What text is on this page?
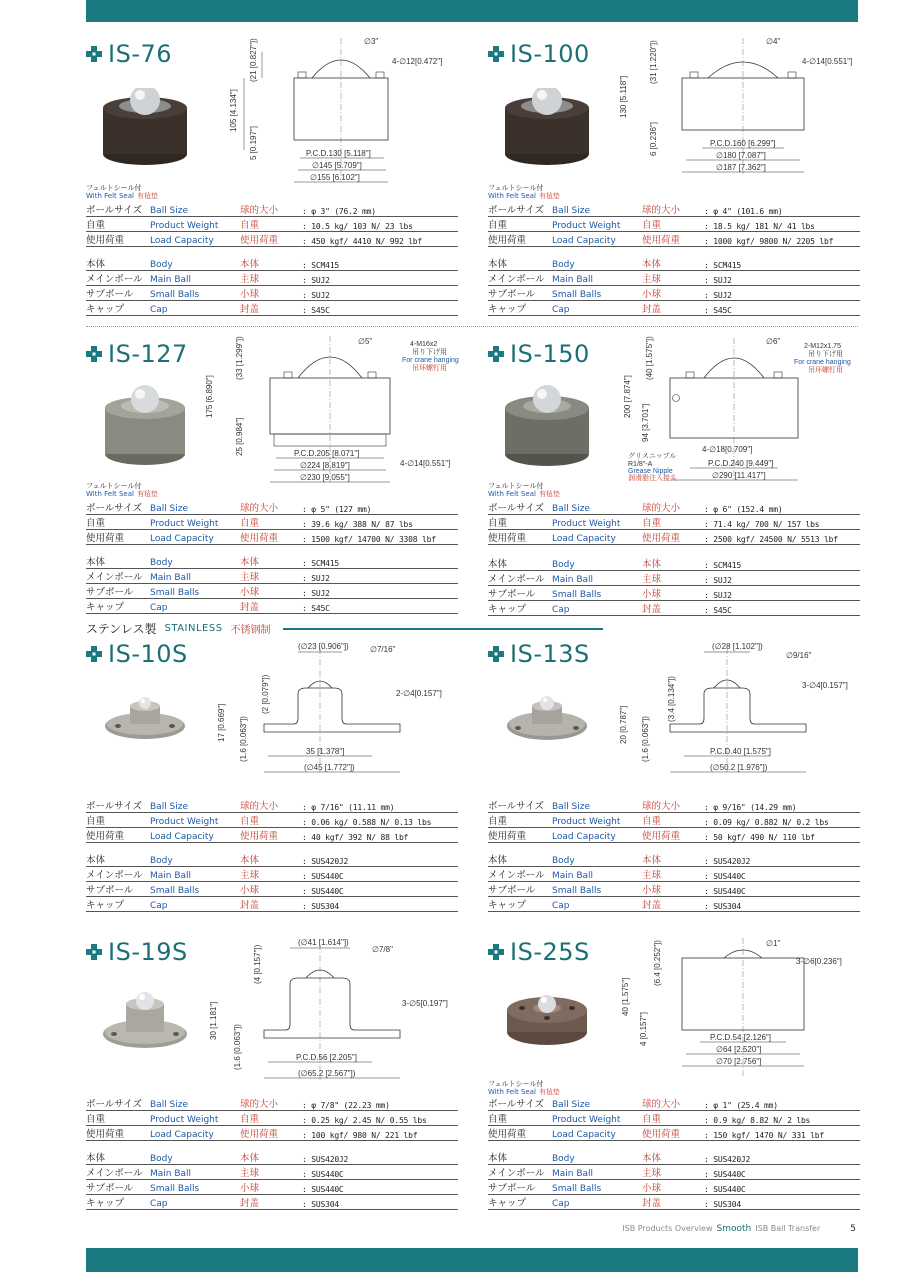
IS-76	∅3"
4-∅12[0.472"]
105 [4.134"]
(21 [0.827"])
5 [0.197"]	P.C.D.130 [5.118"]
∅145 [5.709"]
∅155 [6.102"]
フェルトシール付
With Felt Seal 有毡垫
ボールサイズ	Ball Size	球的大小	: φ 3" (76.2 mm)
自重	Product Weight	自重	: 10.5 kg/ 103 N/ 23 lbs
使用荷重	Load Capacity	使用荷重	: 450 kgf/ 4410 N/ 992 lbf
本体	Body	本体	: SCM415
メインボール	Main Ball	主球	: SUJ2
サブボール	Small Balls	小球	: SUJ2
キャップ	Cap	封盖	: S45C
IS-100	∅4"
4-∅14[0.551"]
130 [5.118"]
(31 [1.220"])
6 [0.236"]	P.C.D.160 [6.299"]
∅180 [7.087"]
∅187 [7.362"]
フェルトシール付
With Felt Seal 有毡垫
ボールサイズ	Ball Size	球的大小	: φ 4" (101.6 mm)
自重	Product Weight	自重	: 18.5 kg/ 181 N/ 41 lbs
使用荷重	Load Capacity	使用荷重	: 1000 kgf/ 9800 N/ 2205 lbf
本体	Body	本体	: SCM415
メインボール	Main Ball	主球	: SUJ2
サブボール	Small Balls	小球	: SUJ2
キャップ	Cap	封盖	: S45C
IS-127	∅5"	4-M16x2
吊り下げ用
For crane hanging
吊环螺钉用
4-∅14[0.551"]
175 [6.890"]
(33 [1.299"])
25 [0.984"]	P.C.D.205 [8.071"]
∅224 [8.819"]
∅230 [9.055"]
フェルトシール付
With Felt Seal 有毡垫
ボールサイズ	Ball Size	球的大小	: φ 5" (127 mm)
自重	Product Weight	自重	: 39.6 kg/ 388 N/ 87 lbs
使用荷重	Load Capacity	使用荷重	: 1500 kgf/ 14700 N/ 3308 lbf
本体	Body	本体	: SCM415
メインボール	Main Ball	主球	: SUJ2
サブボール	Small Balls	小球	: SUJ2
キャップ	Cap	封盖	: S45C
IS-150	∅6"
2-M12x1.75
吊り下げ用
For crane hanging
吊环螺钉用
4-∅18[0.709"]
200 [7.874"]
(40 [1.575"])
94 [3.701"]
P.C.D.240 [9.449"]
∅290 [11.417"]
グリスニップル
R1/8"-A
Grease Nipple
润滑脂注入接头
フェルトシール付
With Felt Seal 有毡垫
ボールサイズ	Ball Size	球的大小	: φ 6" (152.4 mm)
自重	Product Weight	自重	: 71.4 kg/ 700 N/ 157 lbs
使用荷重	Load Capacity	使用荷重	: 2500 kgf/ 24500 N/ 5513 lbf
本体	Body	本体	: SCM415
メインボール	Main Ball	主球	: SUJ2
サブボール	Small Balls	小球	: SUJ2
キャップ	Cap	封盖	: S45C
ステンレス製 STAINLESS 不锈钢制
IS-10S	(∅23 [0.906"])	∅7/16"
2-∅4[0.157"]
17 [0.669"]
(2 [0.079"])
(1.6 [0.063"])	35 [1.378"]
(∅45 [1.772"])
ボールサイズ	Ball Size	球的大小	: φ 7/16" (11.11 mm)
自重	Product Weight	自重	: 0.06 kg/ 0.588 N/ 0.13 lbs
使用荷重	Load Capacity	使用荷重	: 40 kgf/ 392 N/ 88 lbf
本体	Body	本体	: SUS420J2
メインボール	Main Ball	主球	: SUS440C
サブボール	Small Balls	小球	: SUS440C
キャップ	Cap	封盖	: SUS304
IS-13S	(∅28 [1.102"])
∅9/16"
3-∅4[0.157"]
20 [0.787"]
(3.4 [0.134"])
(1.6 [0.063"])	P.C.D.40 [1.575"]
(∅50.2 [1.976"])
ボールサイズ	Ball Size	球的大小	: φ 9/16" (14.29 mm)
自重	Product Weight	自重	: 0.09 kg/ 0.882 N/ 0.2 lbs
使用荷重	Load Capacity	使用荷重	: 50 kgf/ 490 N/ 110 lbf
本体	Body	本体	: SUS420J2
メインボール	Main Ball	主球	: SUS440C
サブボール	Small Balls	小球	: SUS440C
キャップ	Cap	封盖	: SUS304
IS-19S	(∅41 [1.614"])
∅7/8"
3-∅5[0.197"]
30 [1.181"]
(4 [0.157"])
(1.6 [0.063"])	P.C.D.56 [2.205"]
(∅65.2 [2.567"])
ボールサイズ	Ball Size	球的大小	: φ 7/8" (22.23 mm)
自重	Product Weight	自重	: 0.25 kg/ 2.45 N/ 0.55 lbs
使用荷重	Load Capacity	使用荷重	: 100 kgf/ 980 N/ 221 lbf
本体	Body	本体	: SUS420J2
メインボール	Main Ball	主球	: SUS440C
サブボール	Small Balls	小球	: SUS440C
キャップ	Cap	封盖	: SUS304
IS-25S	∅1"
3-∅6[0.236"]
40 [1.575"]
(6.4 [0.252"])
4 [0.157"]	P.C.D.54 [2.126"]
∅64 [2.520"]
∅70 [2.756"]
フェルトシール付
With Felt Seal 有毡垫
ボールサイズ	Ball Size	球的大小	: φ 1" (25.4 mm)
自重	Product Weight	自重	: 0.9 kg/ 8.82 N/ 2 lbs
使用荷重	Load Capacity	使用荷重	: 150 kgf/ 1470 N/ 331 lbf
本体	Body	本体	: SUS420J2
メインボール	Main Ball	主球	: SUS440C
サブボール	Small Balls	小球	: SUS440C
キャップ	Cap	封盖	: SUS304
ISB Products Overview Smooth ISB Ball Transfer	5
